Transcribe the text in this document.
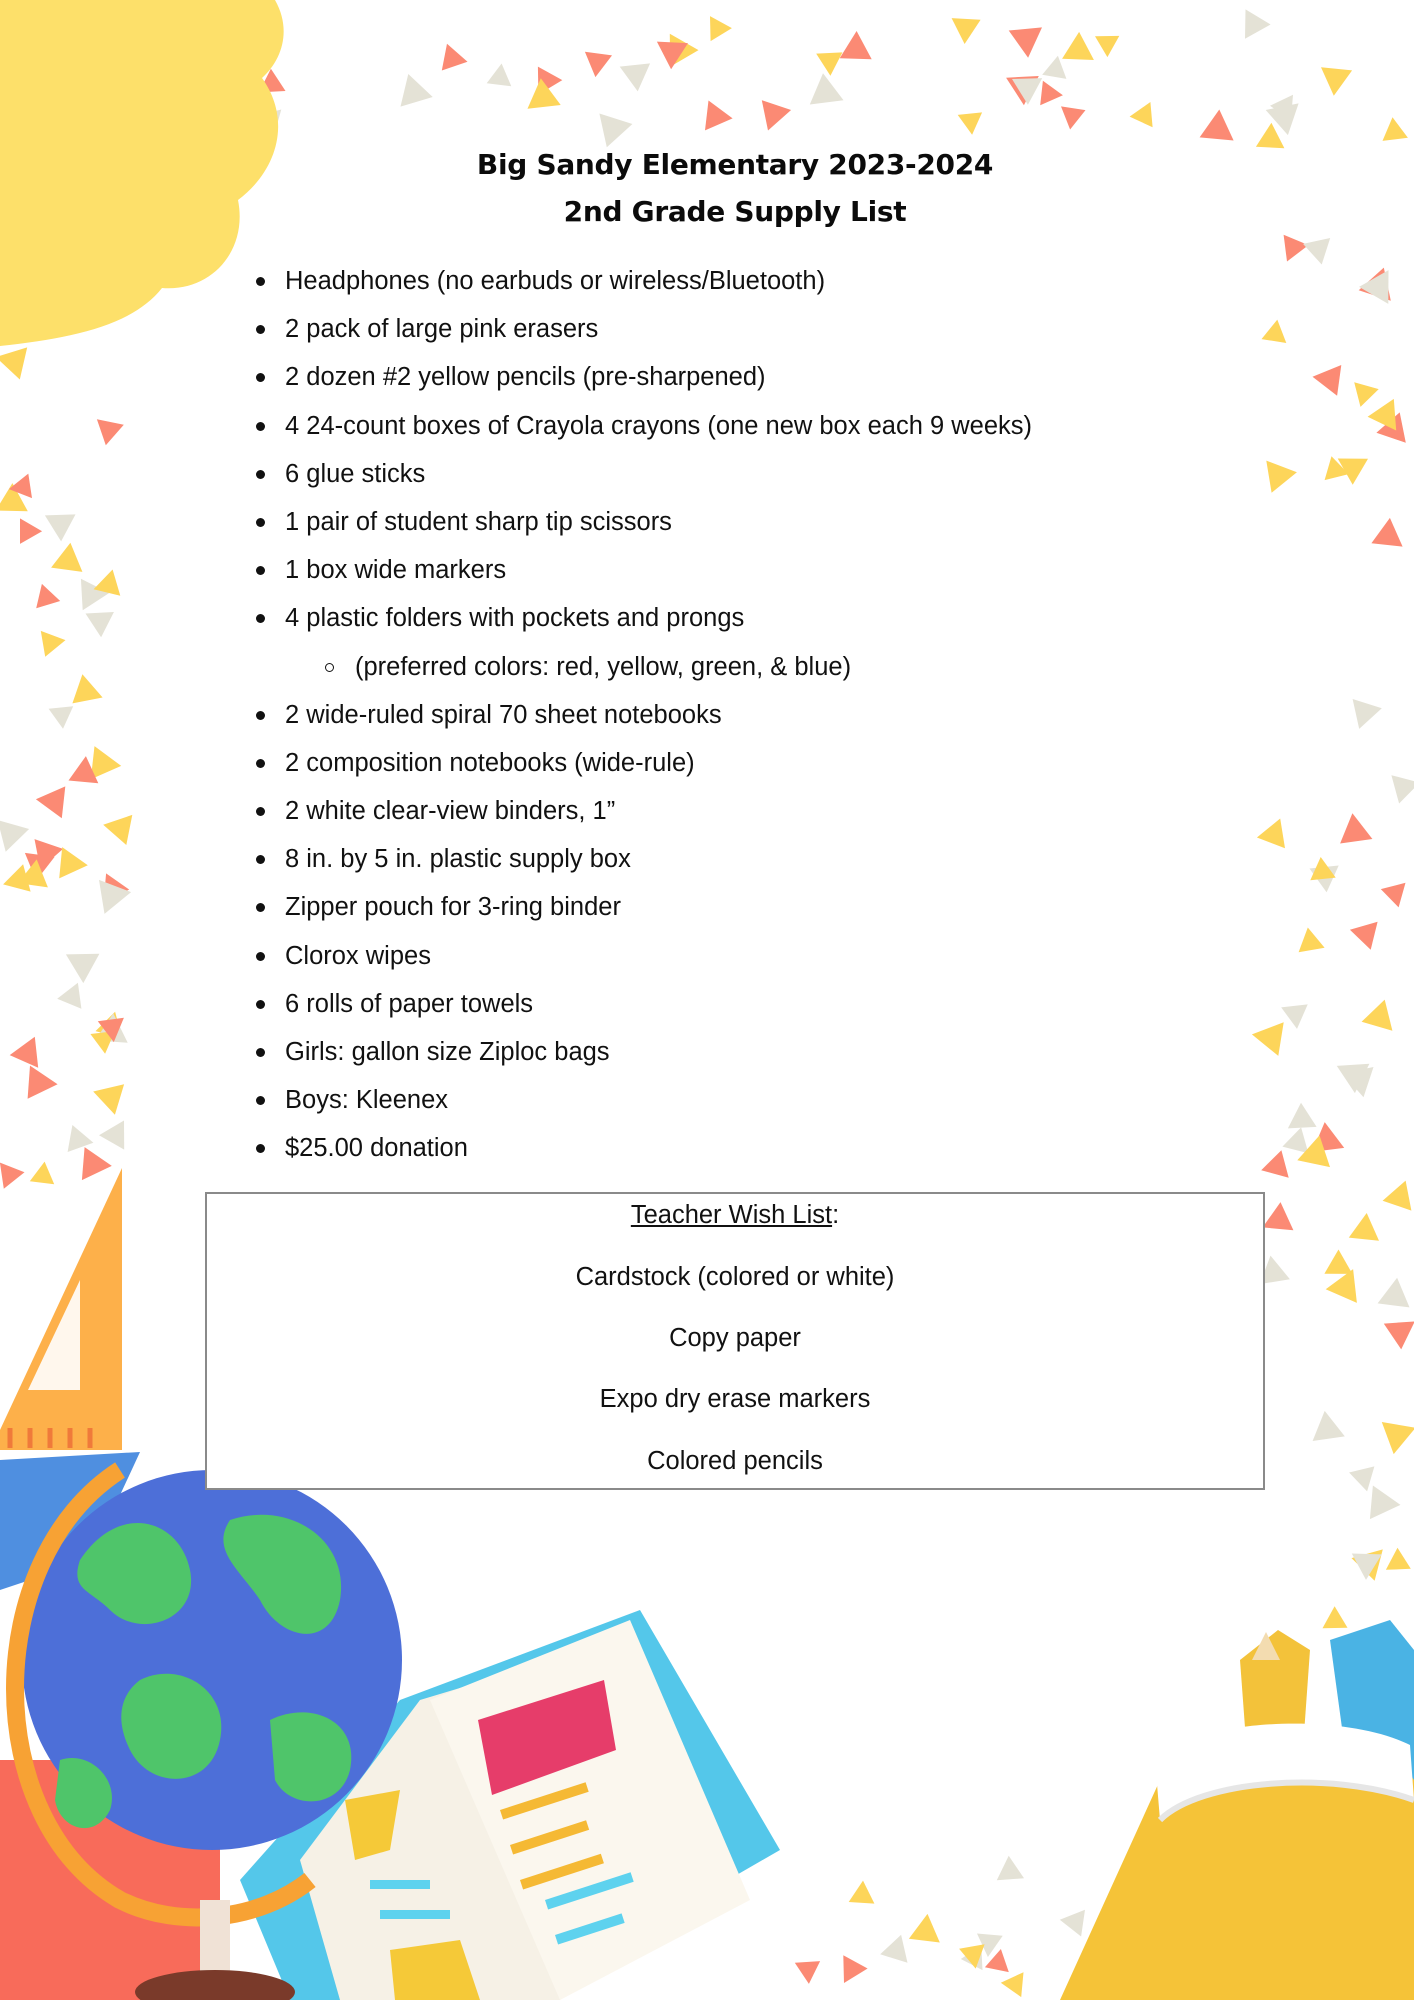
Big Sandy Elementary 2023-2024
2nd Grade Supply List
Headphones (no earbuds or wireless/Bluetooth)
2 pack of large pink erasers
2 dozen #2 yellow pencils (pre-sharpened)
4 24-count boxes of Crayola crayons (one new box each 9 weeks)
6 glue sticks
1 pair of student sharp tip scissors
1 box wide markers
4 plastic folders with pockets and prongs
(preferred colors: red, yellow, green, & blue)
2 wide-ruled spiral 70 sheet notebooks
2 composition notebooks (wide-rule)
2 white clear-view binders, 1”
8 in. by 5 in. plastic supply box
Zipper pouch for 3-ring binder
Clorox wipes
6 rolls of paper towels
Girls: gallon size Ziploc bags
Boys: Kleenex
$25.00 donation
Teacher Wish List:
Cardstock (colored or white)
Copy paper
Expo dry erase markers
Colored pencils
